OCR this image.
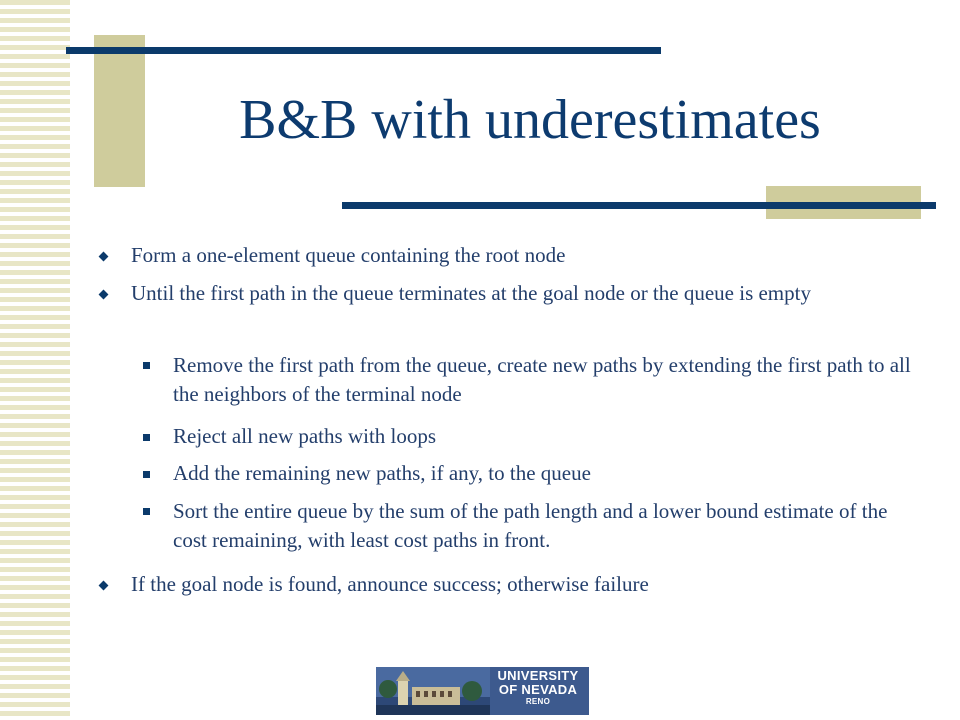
B&B with underestimates
Form a one-element queue containing the root node
Until the first path in the queue terminates at the goal node or the queue is empty
Remove the first path from the queue, create new paths by extending the first path to all the neighbors of the terminal node
Reject all new paths with loops
Add the remaining new paths, if any, to the queue
Sort the entire queue by the sum of the path length and a lower bound estimate of the cost remaining, with least cost paths in front.
If the goal node is found, announce success; otherwise failure
UNIVERSITY
OF NEVADA
RENO
